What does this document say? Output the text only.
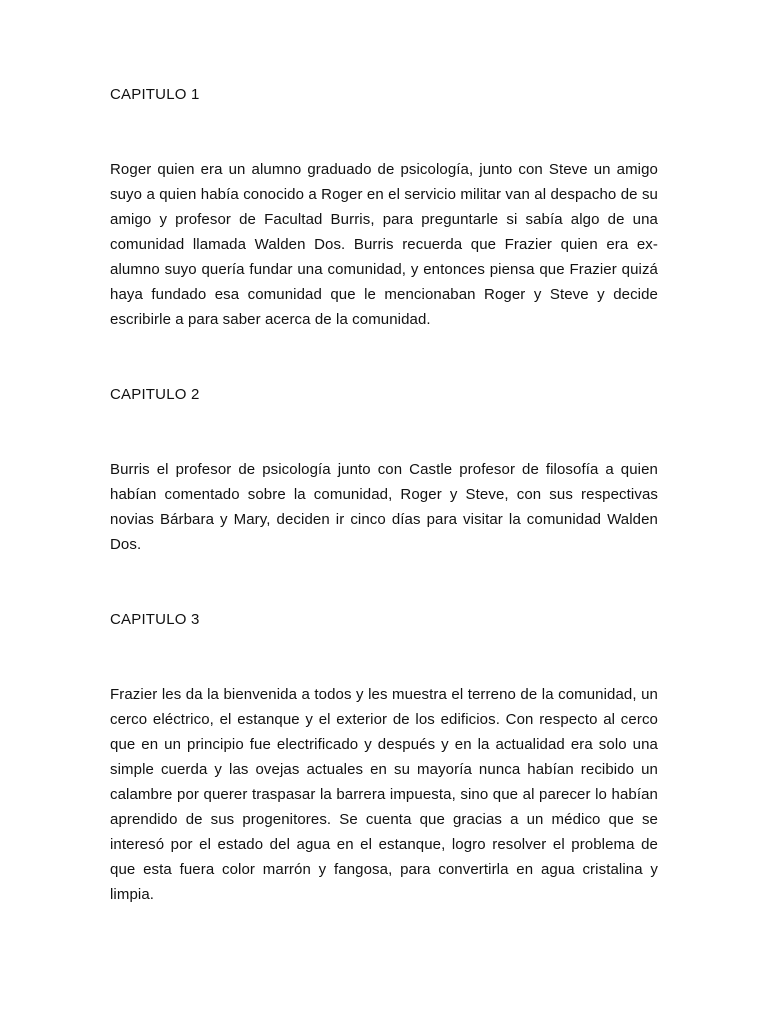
CAPITULO 1

Roger quien era un alumno graduado de psicología, junto con Steve un amigo suyo a quien había conocido a Roger en el servicio militar van al despacho de su amigo y profesor de Facultad Burris, para preguntarle si sabía algo de una comunidad llamada Walden Dos. Burris recuerda que Frazier quien era ex-alumno suyo quería fundar una comunidad, y entonces piensa que Frazier quizá haya fundado esa comunidad que le mencionaban Roger y Steve y decide escribirle a para saber acerca de la comunidad.

CAPITULO 2

Burris el profesor de psicología junto con Castle profesor de filosofía a quien habían comentado sobre la comunidad, Roger y Steve, con sus respectivas novias Bárbara y Mary, deciden ir cinco días para visitar la comunidad Walden Dos.

CAPITULO 3

Frazier les da la bienvenida a todos y les muestra el terreno de la comunidad, un cerco eléctrico, el estanque y el exterior de los edificios. Con respecto al cerco que en un principio fue electrificado y después y en la actualidad era solo una simple cuerda y las ovejas actuales en su mayoría nunca habían recibido un calambre por querer traspasar la barrera impuesta, sino que al parecer lo habían aprendido de sus progenitores. Se cuenta que gracias a un médico que se interesó por el estado del agua en el estanque, logro resolver el problema de que esta fuera color marrón y fangosa, para convertirla en agua cristalina y limpia.
